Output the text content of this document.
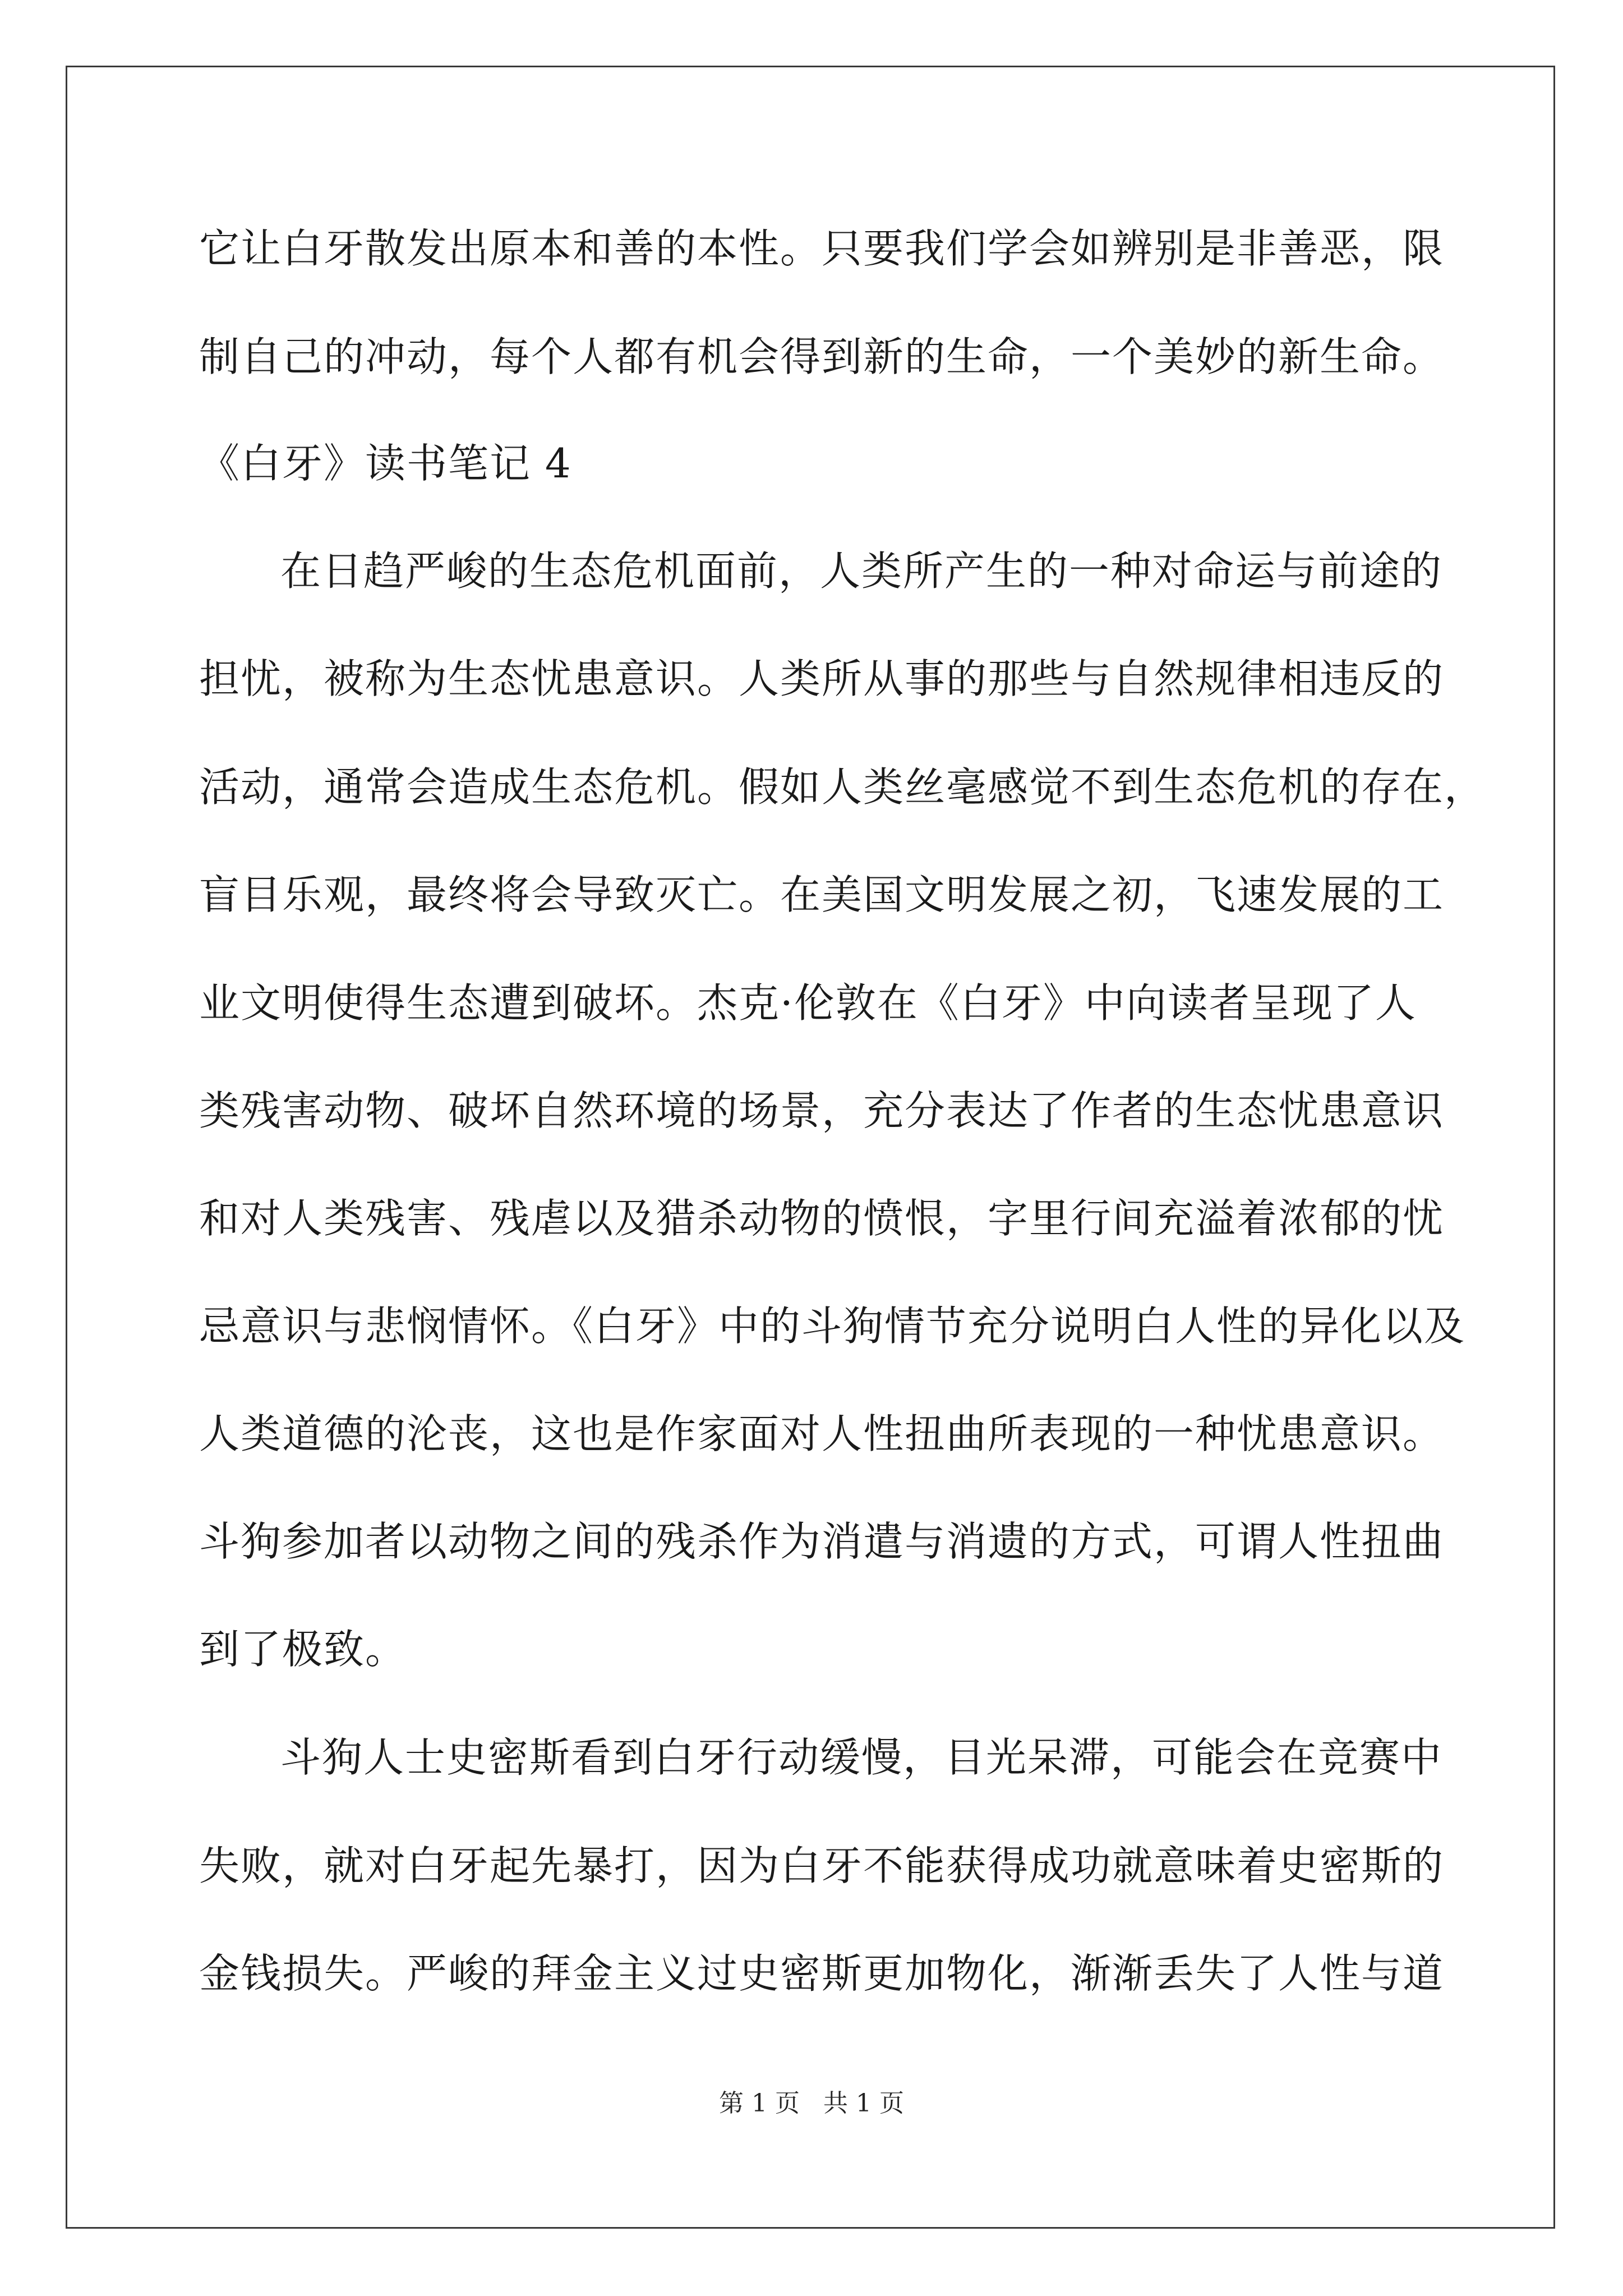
它让白牙散发出原本和善的本性。只要我们学会如辨别是非善恶，限
制自己的冲动，每个人都有机会得到新的生命，一个美妙的新生命。
《白牙》读书笔记 4
在日趋严峻的生态危机面前，人类所产生的一种对命运与前途的
担忧，被称为生态忧患意识。人类所从事的那些与自然规律相违反的
活动，通常会造成生态危机。假如人类丝毫感觉不到生态危机的存在，
盲目乐观，最终将会导致灭亡。在美国文明发展之初，飞速发展的工
业文明使得生态遭到破坏。杰克·伦敦在《白牙》中向读者呈现了人
类残害动物、破坏自然环境的场景，充分表达了作者的生态忧患意识
和对人类残害、残虐以及猎杀动物的愤恨，字里行间充溢着浓郁的忧
忌意识与悲悯情怀。《白牙》中的斗狗情节充分说明白人性的异化以及
人类道德的沦丧，这也是作家面对人性扭曲所表现的一种忧患意识。
斗狗参加者以动物之间的残杀作为消遣与消遗的方式，可谓人性扭曲
到了极致。
斗狗人士史密斯看到白牙行动缓慢，目光呆滞，可能会在竞赛中
失败，就对白牙起先暴打，因为白牙不能获得成功就意味着史密斯的
金钱损失。严峻的拜金主义过史密斯更加物化，渐渐丢失了人性与道
第 1 页   共 1 页
